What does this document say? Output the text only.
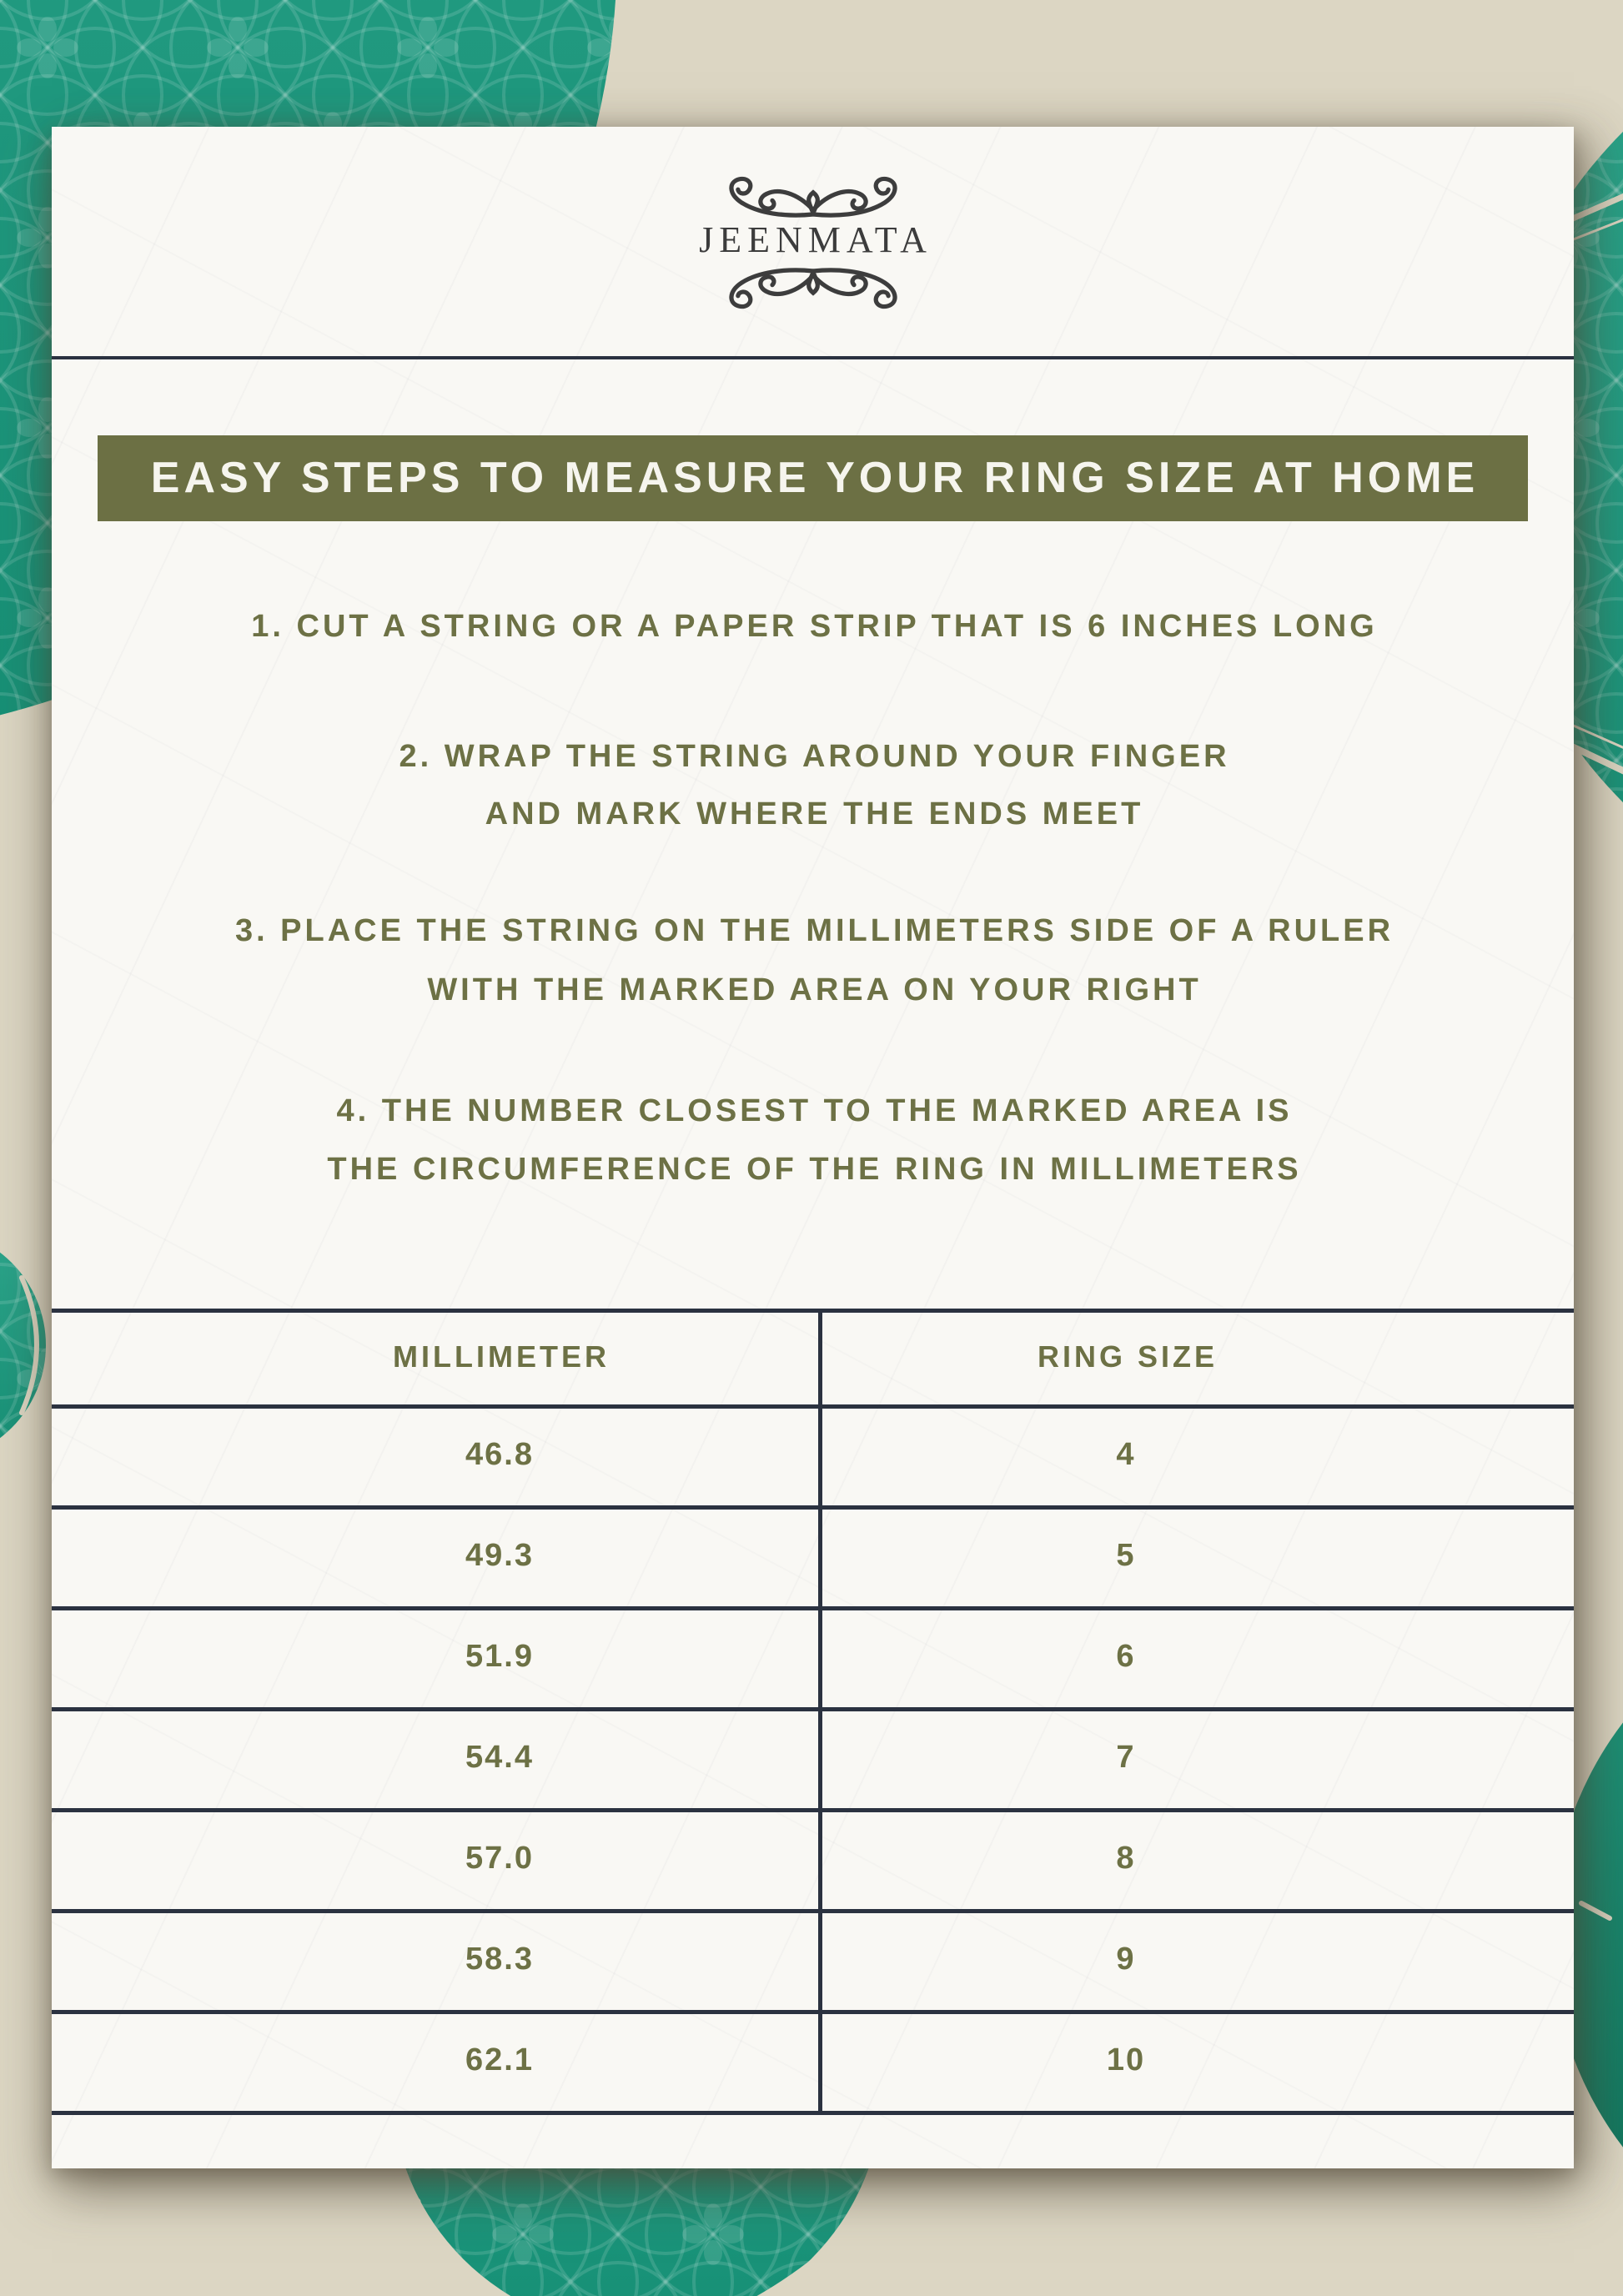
JEENMATA
EASY STEPS TO MEASURE YOUR RING SIZE AT HOME
1. CUT A STRING OR A PAPER STRIP THAT IS 6 INCHES LONG
2. WRAP THE STRING AROUND YOUR FINGER
AND MARK WHERE THE ENDS MEET
3. PLACE THE STRING ON THE MILLIMETERS SIDE OF A RULER
WITH THE MARKED AREA ON YOUR RIGHT
4. THE NUMBER CLOSEST TO THE MARKED AREA IS
THE CIRCUMFERENCE OF THE RING IN MILLIMETERS
MILLIMETER	RING SIZE
46.8	4
49.3	5
51.9	6
54.4	7
57.0	8
58.3	9
62.1	10
